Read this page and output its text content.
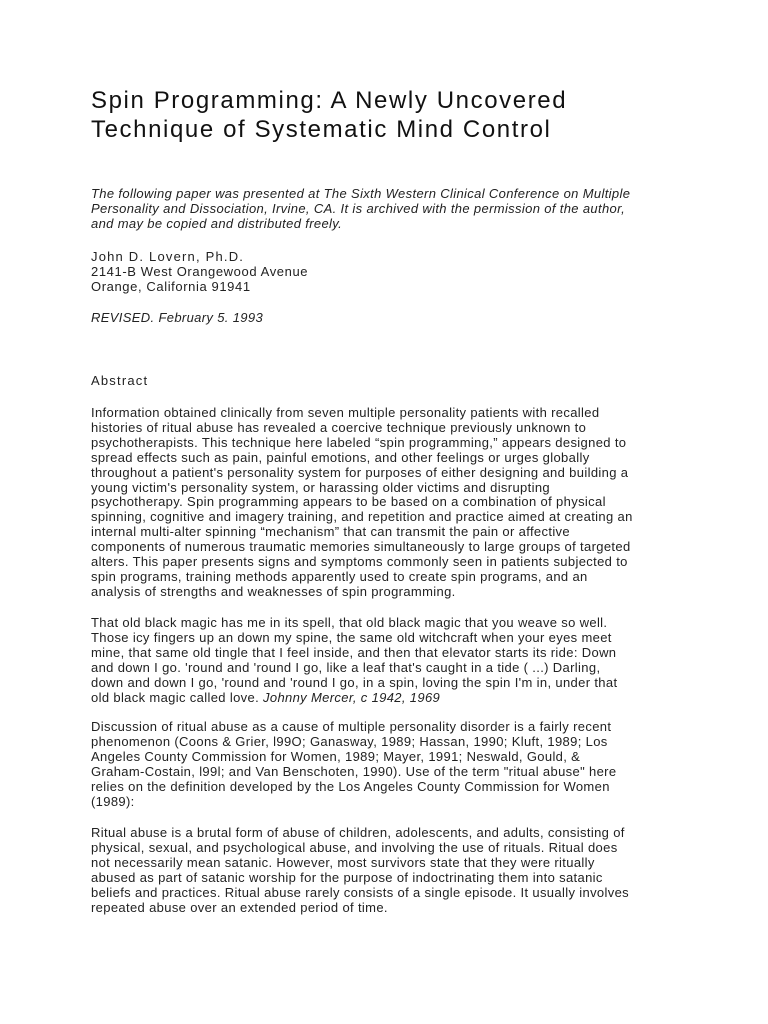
Spin Programming: A Newly Uncovered
Technique of Systematic Mind Control
The following paper was presented at The Sixth Western Clinical Conference on Multiple
Personality and Dissociation, Irvine, CA. It is archived with the permission of the author,
and may be copied and distributed freely.
John D. Lovern, Ph.D.
2141-B West Orangewood Avenue
Orange, California 91941
REVISED. February 5. 1993
Abstract
Information obtained clinically from seven multiple personality patients with recalled
histories of ritual abuse has revealed a coercive technique previously unknown to
psychotherapists. This technique here labeled “spin programming,” appears designed to
spread effects such as pain, painful emotions, and other feelings or urges globally
throughout a patient's personality system for purposes of either designing and building a
young victim's personality system, or harassing older victims and disrupting
psychotherapy. Spin programming appears to be based on a combination of physical
spinning, cognitive and imagery training, and repetition and practice aimed at creating an
internal multi-alter spinning “mechanism” that can transmit the pain or affective
components of numerous traumatic memories simultaneously to large groups of targeted
alters. This paper presents signs and symptoms commonly seen in patients subjected to
spin programs, training methods apparently used to create spin programs, and an
analysis of strengths and weaknesses of spin programming.
That old black magic has me in its spell, that old black magic that you weave so well.
Those icy fingers up an down my spine, the same old witchcraft when your eyes meet
mine, that same old tingle that I feel inside, and then that elevator starts its ride: Down
and down I go. 'round and 'round I go, like a leaf that's caught in a tide ( ...) Darling,
down and down I go, 'round and 'round I go, in a spin, loving the spin I'm in, under that
old black magic called love. Johnny Mercer, c 1942, 1969
Discussion of ritual abuse as a cause of multiple personality disorder is a fairly recent
phenomenon (Coons & Grier, l99O; Ganasway, 1989; Hassan, 1990; Kluft, 1989; Los
Angeles County Commission for Women, 1989; Mayer, 1991; Neswald, Gould, &
Graham-Costain, l99l; and Van Benschoten, 1990). Use of the term "ritual abuse" here
relies on the definition developed by the Los Angeles County Commission for Women
(1989):
Ritual abuse is a brutal form of abuse of children, adolescents, and adults, consisting of
physical, sexual, and psychological abuse, and involving the use of rituals. Ritual does
not necessarily mean satanic. However, most survivors state that they were ritually
abused as part of satanic worship for the purpose of indoctrinating them into satanic
beliefs and practices. Ritual abuse rarely consists of a single episode. It usually involves
repeated abuse over an extended period of time.
